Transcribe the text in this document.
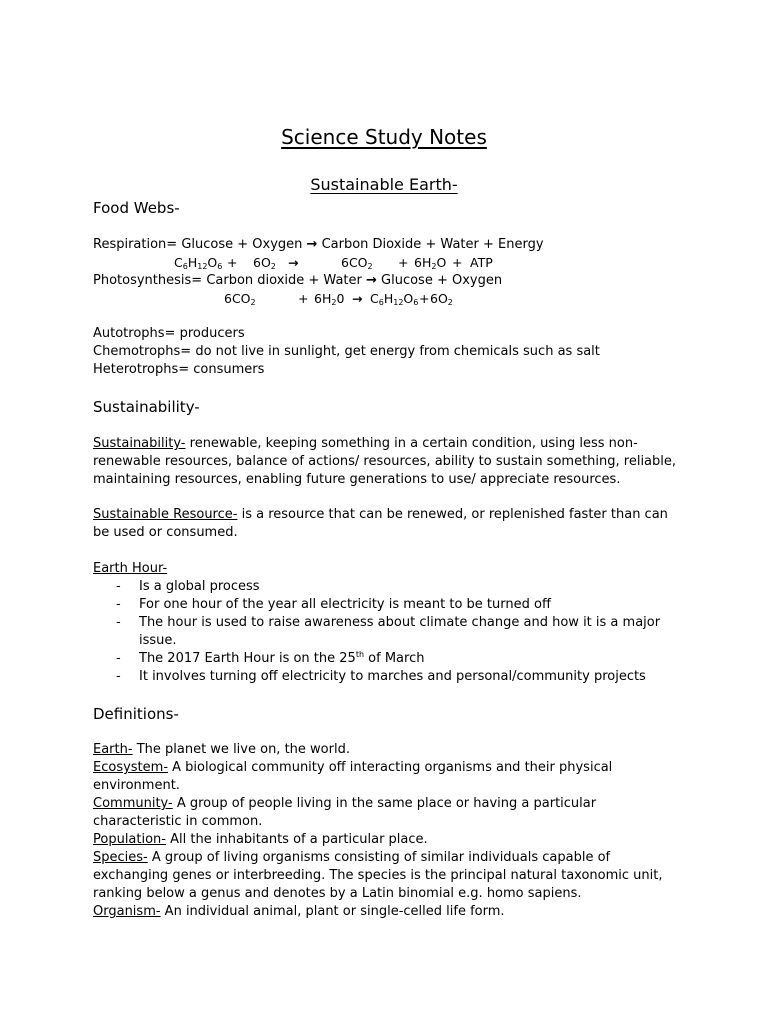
Science Study Notes
Sustainable Earth-

Food Webs-

Respiration= Glucose + Oxygen → Carbon Dioxide + Water + Energy

$C_6H_{12}O_6 + 6O_2$ →	$6CO_2 + 6H_2O$ + ATP

Photosynthesis= Carbon dioxide + Water → Glucose + Oxygen

$6CO_2$	+ $6H_20 \to C_6H_{12}O_6 + 6O_2$

Autotrophs= producers

Chemotrophs= do not live in sunlight, get energy from chemicals such as salt

Heterotrophs= consumers

Sustainability-

Sustainability- renewable, keeping something in a certain condition, using less non-renewable resources, balance of actions/ resources, ability to sustain something, reliable, maintaining resources, enabling future generations to use/ appreciate resources.

Sustainable Resource- is a resource that can be renewed, or replenished faster than can be used or consumed.

Earth Hour-

- Is a global process
- For one hour of the year all electricity is meant to be turned off
- The hour is used to raise awareness about climate change and how it is a major issue.
- The 2017 Earth Hour is on the 25th of March
- It involves turning off electricity to marches and personal/community projects

Definitions-

Earth- The planet we live on, the world.

Ecosystem- A biological community off interacting organisms and their physical environment.

Community- A group of people living in the same place or having a particular characteristic in common.

Population- All the inhabitants of a particular place.

Species- A group of living organisms consisting of similar individuals capable of exchanging genes or interbreeding. The species is the principal natural taxonomic unit, ranking below a genus and denotes by a Latin binomial e.g. homo sapiens.

Organism- An individual animal, plant or single-celled life form.
